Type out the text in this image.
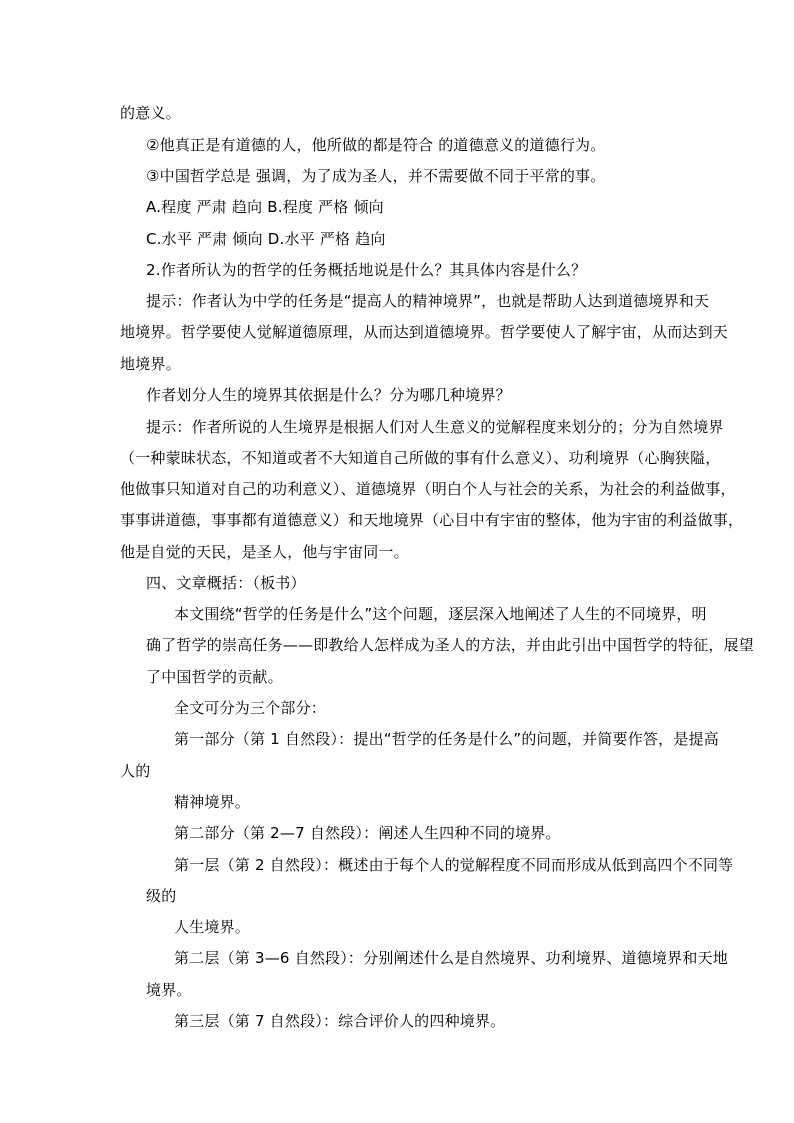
的意义。
②他真正是有道德的人，他所做的都是符合 的道德意义的道德行为。
③中国哲学总是 强调，为了成为圣人，并不需要做不同于平常的事。
A.程度 严肃 趋向 B.程度 严格 倾向
C.水平 严肃 倾向 D.水平 严格 趋向
2.作者所认为的哲学的任务概括地说是什么？其具体内容是什么？
提示：作者认为中学的任务是“提高人的精神境界”，也就是帮助人达到道德境界和天
地境界。哲学要使人觉解道德原理，从而达到道德境界。哲学要使人了解宇宙，从而达到天
地境界。
作者划分人生的境界其依据是什么？分为哪几种境界？
提示：作者所说的人生境界是根据人们对人生意义的觉解程度来划分的；分为自然境界
（一种蒙昧状态，不知道或者不大知道自己所做的事有什么意义）、功利境界（心胸狭隘，
他做事只知道对自己的功利意义）、道德境界（明白个人与社会的关系，为社会的利益做事，
事事讲道德，事事都有道德意义）和天地境界（心目中有宇宙的整体，他为宇宙的利益做事，
他是自觉的天民，是圣人，他与宇宙同一。
四、文章概括：（板书）
本文围绕“哲学的任务是什么”这个问题，逐层深入地阐述了人生的不同境界，明
确了哲学的崇高任务——即教给人怎样成为圣人的方法，并由此引出中国哲学的特征，展望
了中国哲学的贡献。
全文可分为三个部分：
第一部分（第 1 自然段）：提出“哲学的任务是什么”的问题，并简要作答，是提高
人的
精神境界。
第二部分（第 2—7 自然段）：阐述人生四种不同的境界。
第一层（第 2 自然段）：概述由于每个人的觉解程度不同而形成从低到高四个不同等
级的
人生境界。
第二层（第 3—6 自然段）：分别阐述什么是自然境界、功利境界、道德境界和天地
境界。
第三层（第 7 自然段）：综合评价人的四种境界。
